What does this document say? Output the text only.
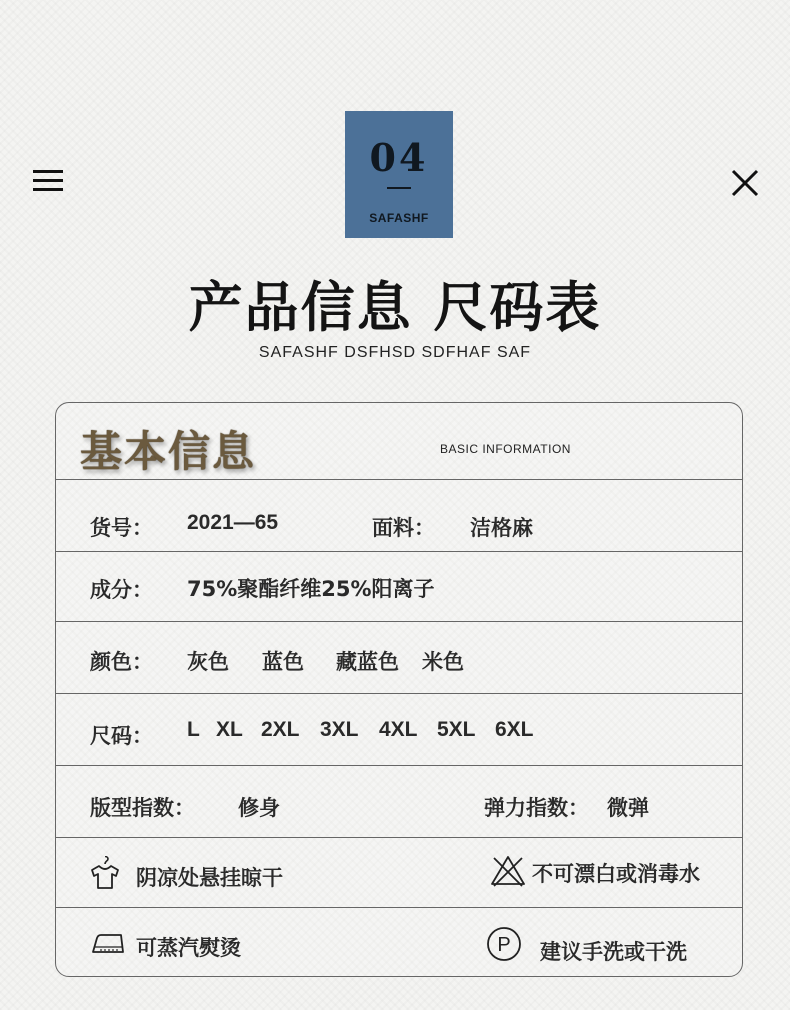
04
SAFASHF
产品信息 尺码表
SAFASHF DSFHSD SDFHAF SAF
基本信息	BASIC INFORMATION
货号： 2021—65	面料： 洁格麻
成分： 75%聚酯纤维25%阳离子
颜色： 灰色 蓝色 藏蓝色 米色
尺码： L XL 2XL 3XL 4XL 5XL 6XL
版型指数： 修身	弹力指数： 微弹
阴凉处悬挂晾干	不可漂白或消毒水
可蒸汽熨烫	P 建议手洗或干洗
